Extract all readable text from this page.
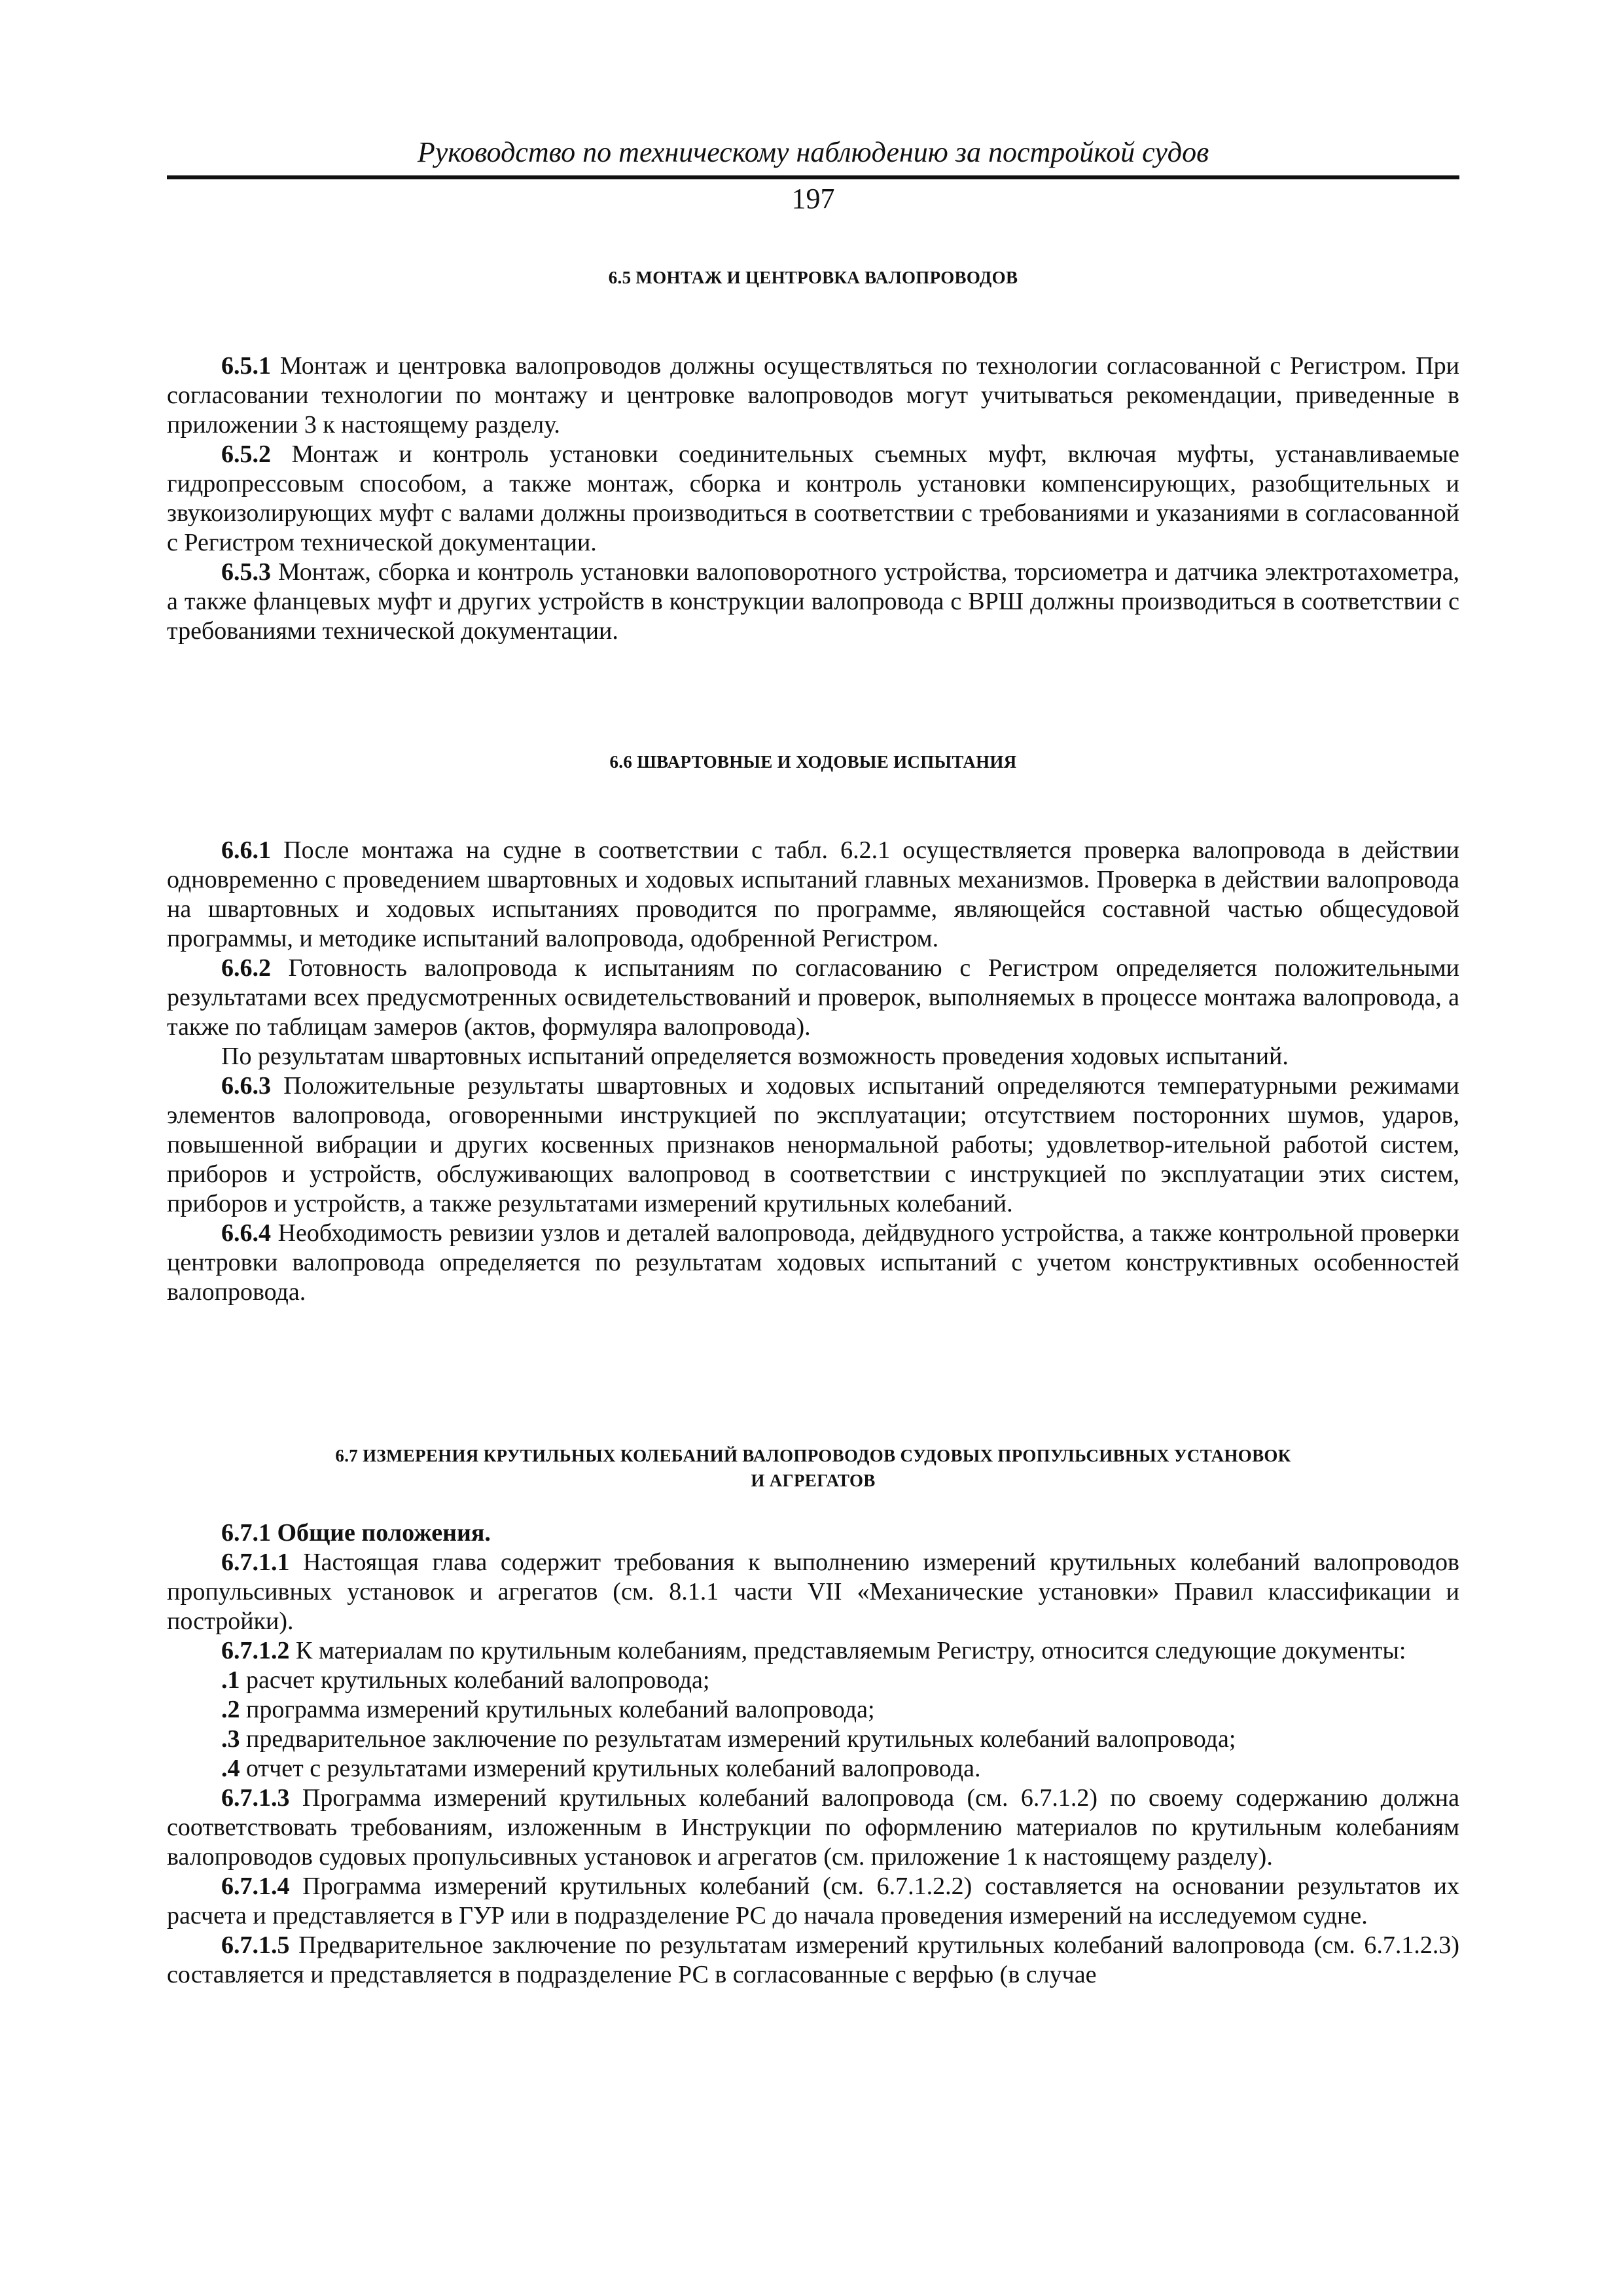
Руководство по техническому наблюдению за постройкой судов
197
6.5 МОНТАЖ И ЦЕНТРОВКА ВАЛОПРОВОДОВ

6.5.1 Монтаж и центровка валопроводов должны осуществляться по технологии согласованной с Регистром. При согласовании технологии по монтажу и центровке валопроводов могут учитываться рекомендации, приведенные в приложении 3 к настоящему разделу.

6.5.2 Монтаж и контроль установки соединительных съемных муфт, включая муфты, устанавливаемые гидропрессовым способом, а также монтаж, сборка и контроль установки компенсирующих, разобщительных и звукоизолирующих муфт с валами должны производиться в соответствии с требованиями и указаниями в согласованной с Регистром технической документации.

6.5.3 Монтаж, сборка и контроль установки валоповоротного устройства, торсиометра и датчика электротахометра, а также фланцевых муфт и других устройств в конструкции валопровода с ВРШ должны производиться в соответствии с требованиями технической документации.

6.6 ШВАРТОВНЫЕ И ХОДОВЫЕ ИСПЫТАНИЯ

6.6.1 После монтажа на судне в соответствии с табл. 6.2.1 осуществляется проверка валопровода в действии одновременно с проведением швартовных и ходовых испытаний главных механизмов. Проверка в действии валопровода на швартовных и ходовых испытаниях проводится по программе, являющейся составной частью общесудовой программы, и методике испытаний валопровода, одобренной Регистром.

6.6.2 Готовность валопровода к испытаниям по согласованию с Регистром определяется положительными результатами всех предусмотренных освидетельствований и проверок, выполняемых в процессе монтажа валопровода, а также по таблицам замеров (актов, формуляра валопровода).

По результатам швартовных испытаний определяется возможность проведения ходовых испытаний.

6.6.3 Положительные результаты швартовных и ходовых испытаний определяются температурными режимами элементов валопровода, оговоренными инструкцией по эксплуатации; отсутствием посторонних шумов, ударов, повышенной вибрации и других косвенных признаков ненормальной работы; удовлетвор-ительной работой систем, приборов и устройств, обслуживающих валопровод в соответствии с инструкцией по эксплуатации этих систем, приборов и устройств, а также результатами измерений крутильных колебаний.

6.6.4 Необходимость ревизии узлов и деталей валопровода, дейдвудного устройства, а также контрольной проверки центровки валопровода определяется по результатам ходовых испытаний с учетом конструктивных особенностей валопровода.

6.7 ИЗМЕРЕНИЯ КРУТИЛЬНЫХ КОЛЕБАНИЙ ВАЛОПРОВОДОВ СУДОВЫХ ПРОПУЛЬСИВНЫХ УСТАНОВОК
И АГРЕГАТОВ

6.7.1 Общие положения.

6.7.1.1 Настоящая глава содержит требования к выполнению измерений крутильных колебаний валопроводов пропульсивных установок и агрегатов (см. 8.1.1 части VII «Механические установки» Правил классификации и постройки).

6.7.1.2 К материалам по крутильным колебаниям, представляемым Регистру, относится следующие документы:

.1 расчет крутильных колебаний валопровода;

.2 программа измерений крутильных колебаний валопровода;

.3 предварительное заключение по результатам измерений крутильных колебаний валопровода;

.4 отчет с результатами измерений крутильных колебаний валопровода.

6.7.1.3 Программа измерений крутильных колебаний валопровода (см. 6.7.1.2) по своему содержанию должна соответствовать требованиям, изложенным в Инструкции по оформлению материалов по крутильным колебаниям валопроводов судовых пропульсивных установок и агрегатов (см. приложение 1 к настоящему разделу).

6.7.1.4 Программа измерений крутильных колебаний (см. 6.7.1.2.2) составляется на основании результатов их расчета и представляется в ГУР или в подразделение РС до начала проведения измерений на исследуемом судне.

6.7.1.5 Предварительное заключение по результатам измерений крутильных колебаний валопровода (см. 6.7.1.2.3) составляется и представляется в подразделение РС в согласованные с верфью (в случае
